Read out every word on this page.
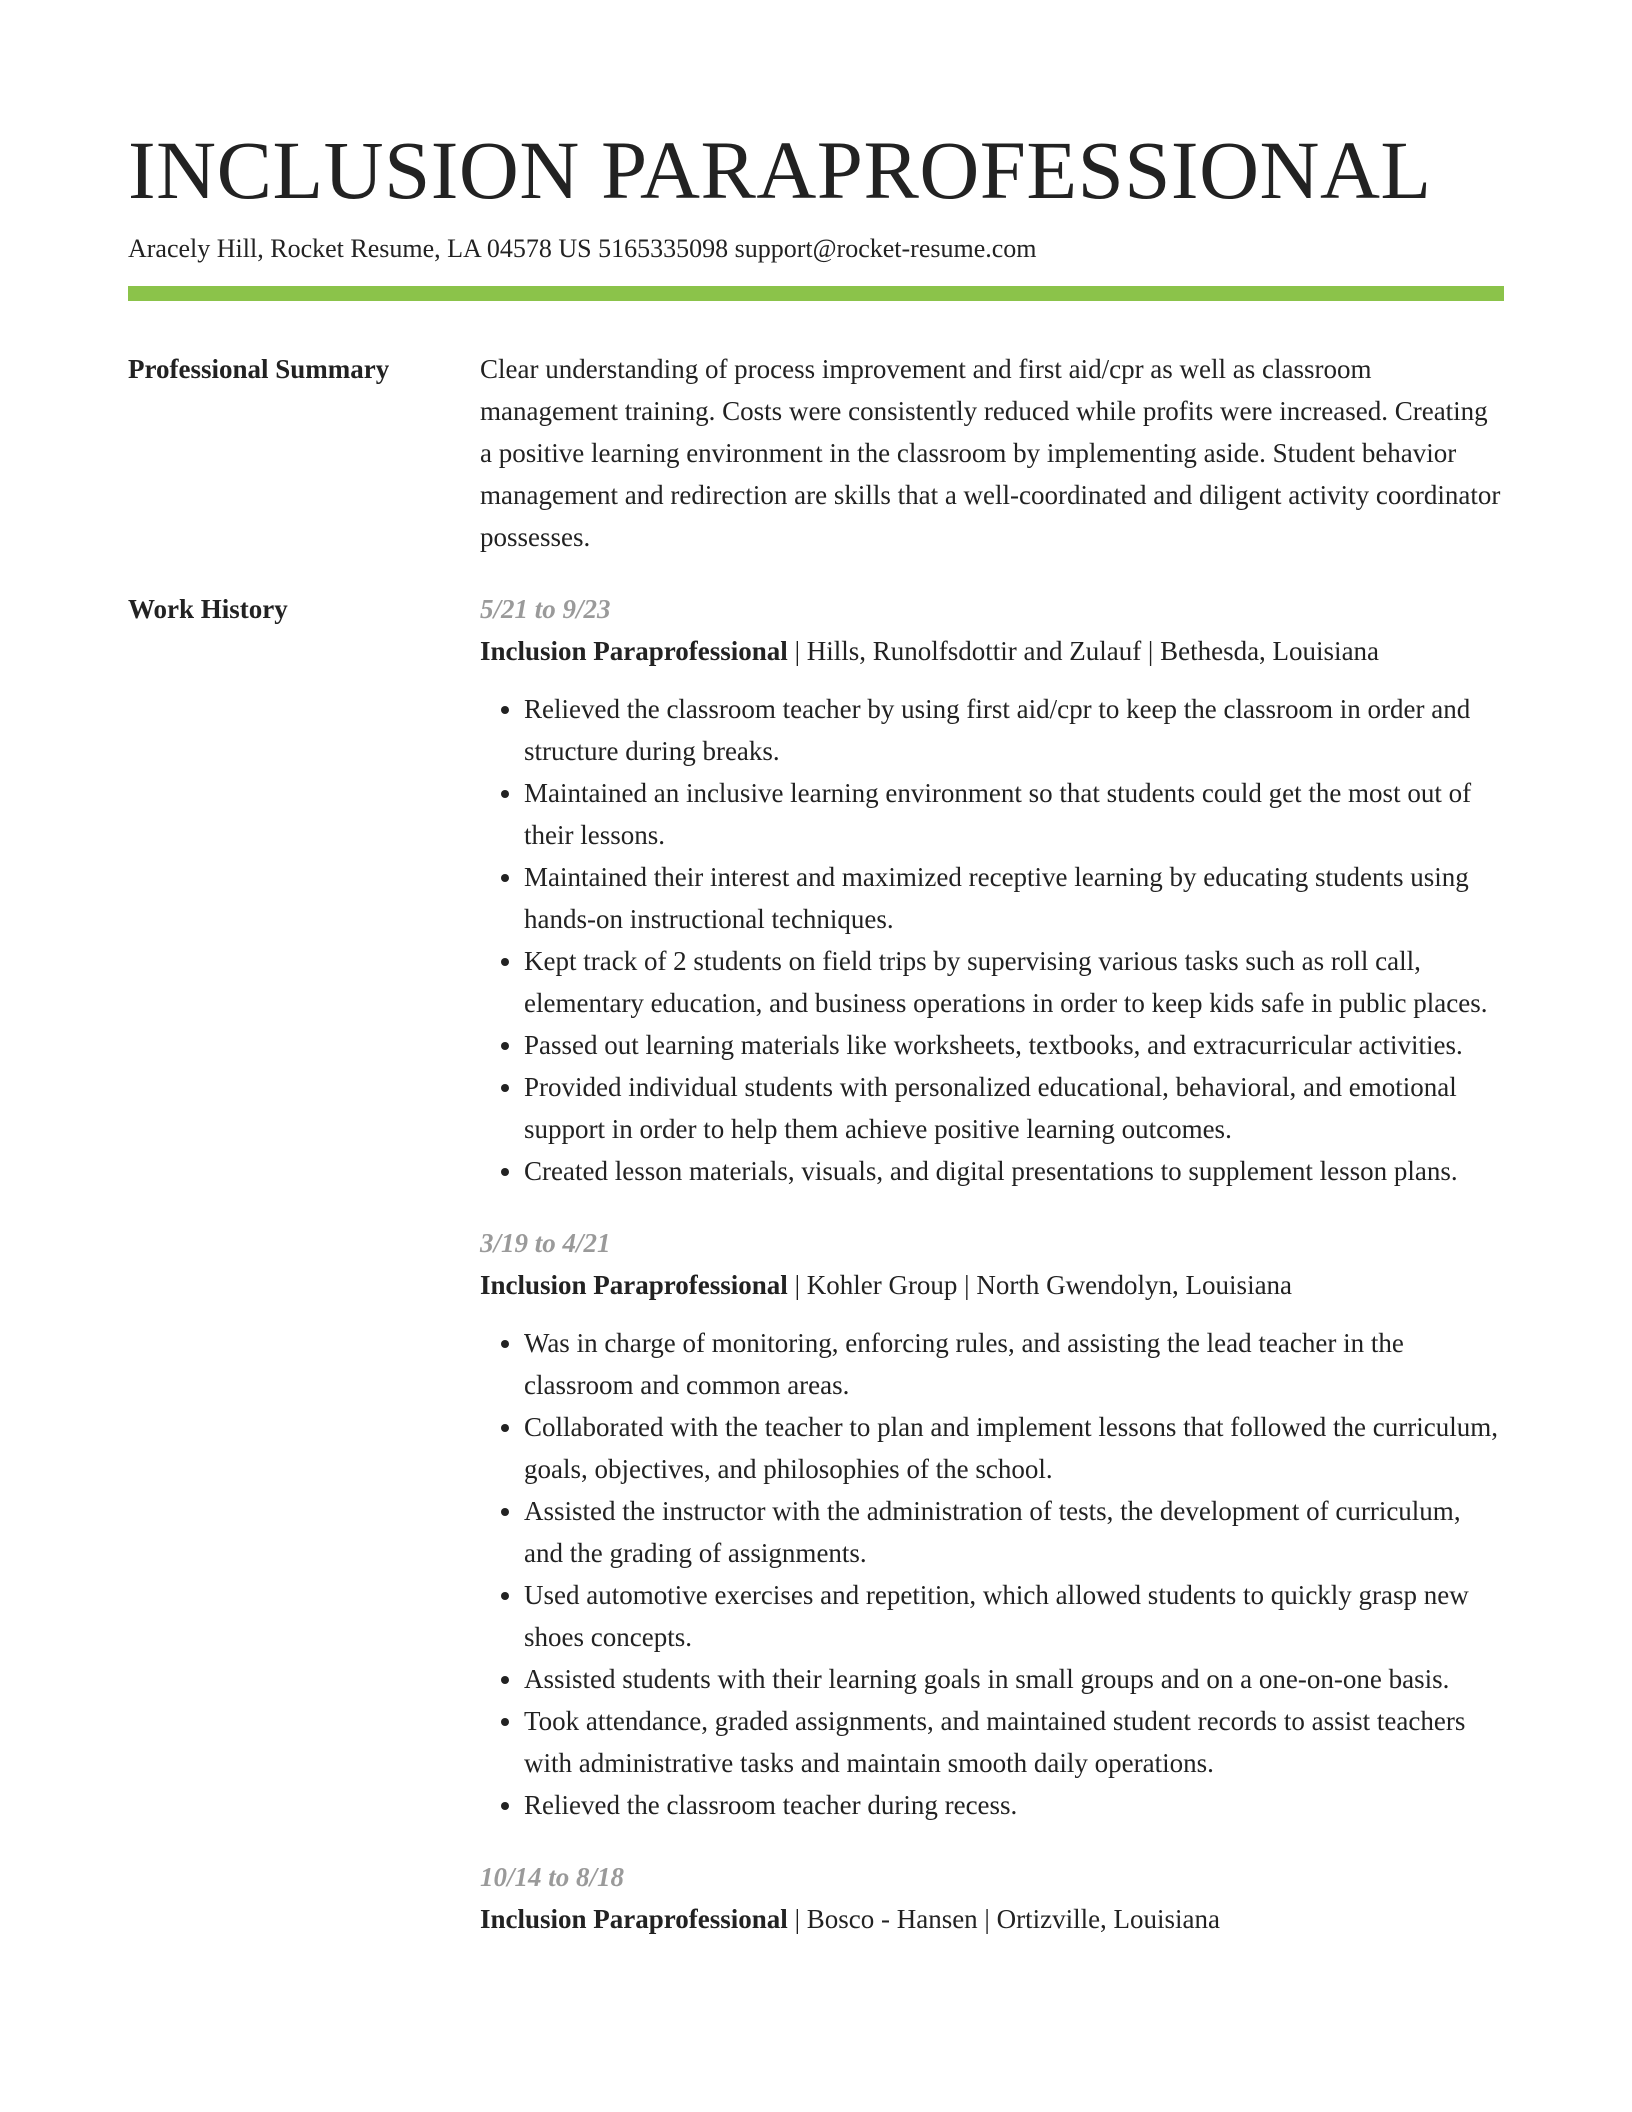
INCLUSION PARAPROFESSIONAL
Aracely Hill, Rocket Resume, LA 04578 US 5165335098 support@rocket-resume.com
Professional Summary	Clear understanding of process improvement and first aid/cpr as well as classroom management training. Costs were consistently reduced while profits were increased. Creating a positive learning environment in the classroom by implementing aside. Student behavior management and redirection are skills that a well-coordinated and diligent activity coordinator possesses.

Work History	5/21 to 9/23
Inclusion Paraprofessional | Hills, Runolfsdottir and Zulauf | Bethesda, Louisiana
• Relieved the classroom teacher by using first aid/cpr to keep the classroom in order and structure during breaks.
• Maintained an inclusive learning environment so that students could get the most out of their lessons.
• Maintained their interest and maximized receptive learning by educating students using hands-on instructional techniques.
• Kept track of 2 students on field trips by supervising various tasks such as roll call, elementary education, and business operations in order to keep kids safe in public places.
• Passed out learning materials like worksheets, textbooks, and extracurricular activities.
• Provided individual students with personalized educational, behavioral, and emotional support in order to help them achieve positive learning outcomes.
• Created lesson materials, visuals, and digital presentations to supplement lesson plans.
3/19 to 4/21
Inclusion Paraprofessional | Kohler Group | North Gwendolyn, Louisiana
• Was in charge of monitoring, enforcing rules, and assisting the lead teacher in the classroom and common areas.
• Collaborated with the teacher to plan and implement lessons that followed the curriculum, goals, objectives, and philosophies of the school.
• Assisted the instructor with the administration of tests, the development of curriculum, and the grading of assignments.
• Used automotive exercises and repetition, which allowed students to quickly grasp new shoes concepts.
• Assisted students with their learning goals in small groups and on a one-on-one basis.
• Took attendance, graded assignments, and maintained student records to assist teachers with administrative tasks and maintain smooth daily operations.
• Relieved the classroom teacher during recess.
10/14 to 8/18
Inclusion Paraprofessional | Bosco - Hansen | Ortizville, Louisiana
